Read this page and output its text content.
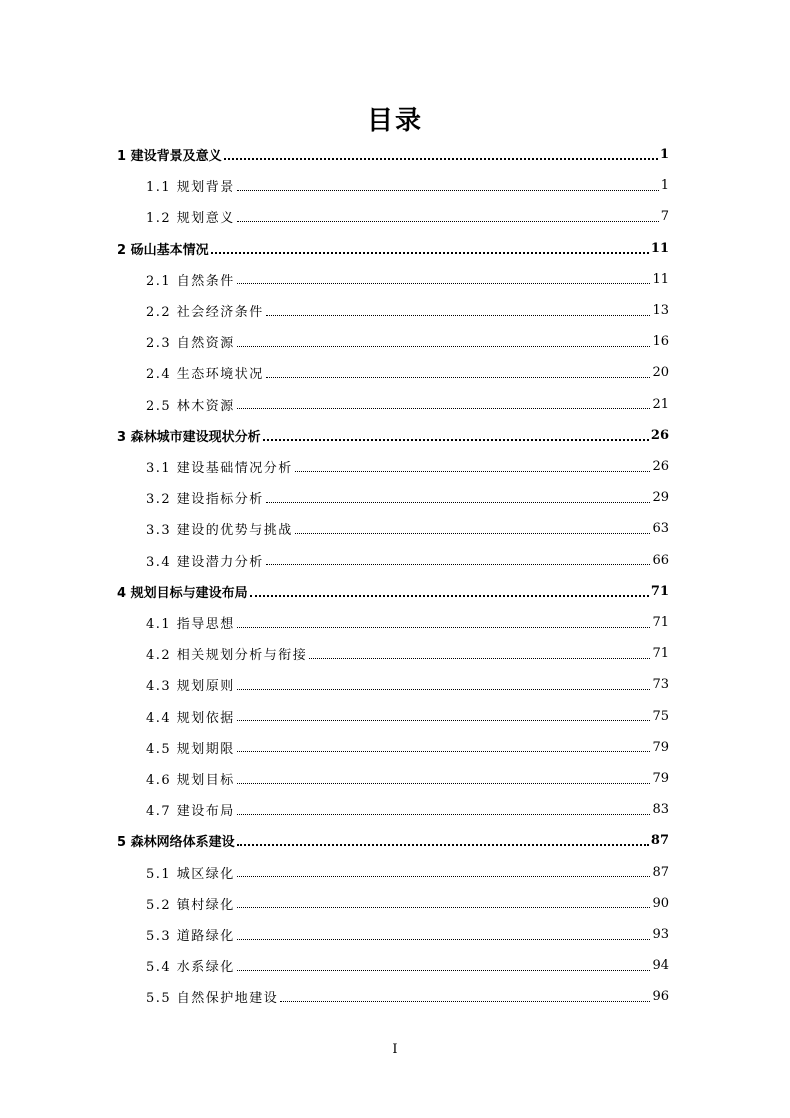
目录
1 建设背景及意义	1
1.1 规划背景	1
1.2 规划意义	7
2 砀山基本情况	11
2.1 自然条件	11
2.2 社会经济条件	13
2.3 自然资源	16
2.4 生态环境状况	20
2.5 林木资源	21
3 森林城市建设现状分析	26
3.1 建设基础情况分析	26
3.2 建设指标分析	29
3.3 建设的优势与挑战	63
3.4 建设潜力分析	66
4 规划目标与建设布局	71
4.1 指导思想	71
4.2 相关规划分析与衔接	71
4.3 规划原则	73
4.4 规划依据	75
4.5 规划期限	79
4.6 规划目标	79
4.7 建设布局	83
5 森林网络体系建设	87
5.1 城区绿化	87
5.2 镇村绿化	90
5.3 道路绿化	93
5.4 水系绿化	94
5.5 自然保护地建设	96
I
